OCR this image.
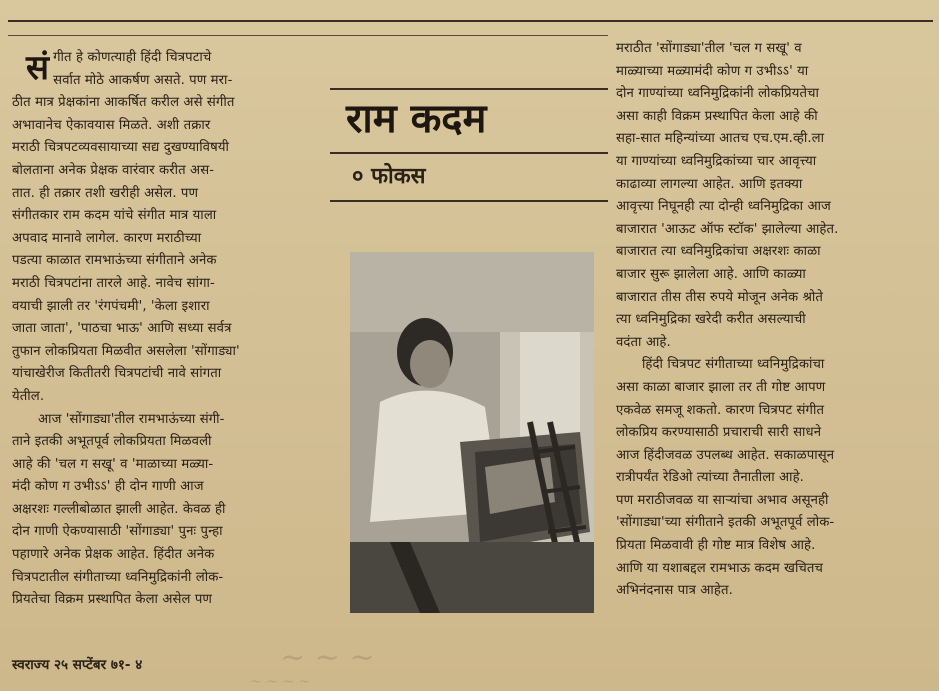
सं गीत हे कोणत्याही हिंदी चित्रपटाचे

सर्वात मोठे आकर्षण असते. पण मरा-

ठीत मात्र प्रेक्षकांना आकर्षित करील असे संगीत

अभावानेच ऐकावयास मिळते. अशी तक्रार

मराठी चित्रपटव्यवसायाच्या सद्य दुखण्याविषयी

बोलताना अनेक प्रेक्षक वारंवार करीत अस-

तात. ही तक्रार तशी खरीही असेल. पण

संगीतकार राम कदम यांचे संगीत मात्र याला

अपवाद मानावे लागेल. कारण मराठीच्या

पडत्या काळात रामभाऊंच्या संगीताने अनेक

मराठी चित्रपटांना तारले आहे. नावेच सांगा-

वयाची झाली तर 'रंगपंचमी', 'केला इशारा

जाता जाता', 'पाठचा भाऊ' आणि सध्या सर्वत्र

तुफान लोकप्रियता मिळवीत असलेला 'सोंगाड्या'

यांचाखेरीज कितीतरी चित्रपटांची नावे सांगता

येतील.

आज 'सोंगाड्या'तील रामभाऊंच्या संगी-

ताने इतकी अभूतपूर्व लोकप्रियता मिळवली

आहे की 'चल ग सखू' व 'माळाच्या मळ्या-

मंदी कोण ग उभीऽऽ' ही दोन गाणी आज

अक्षरशः गल्लीबोळात झाली आहेत. केवळ ही

दोन गाणी ऐकण्यासाठी 'सोंगाड्या' पुनः पुन्हा

पहाणारे अनेक प्रेक्षक आहेत. हिंदीत अनेक

चित्रपटातील संगीताच्या ध्वनिमुद्रिकांनी लोक-

प्रियतेचा विक्रम प्रस्थापित केला असेल पण

राम कदम
० फोकस

मराठीत 'सोंगाड्या'तील 'चल ग सखू' व

माळ्याच्या मळ्यामंदी कोण ग उभीऽऽ' या

दोन गाण्यांच्या ध्वनिमुद्रिकांनी लोकप्रियतेचा

असा काही विक्रम प्रस्थापित केला आहे की

सहा-सात महिन्यांच्या आतच एच.एम.व्ही.ला

या गाण्यांच्या ध्वनिमुद्रिकांच्या चार आवृत्त्या

काढाव्या लागल्या आहेत. आणि इतक्या

आवृत्त्या निघूनही त्या दोन्ही ध्वनिमुद्रिका आज

बाजारात 'आऊट ऑफ स्टॉक' झालेल्या आहेत.

बाजारात त्या ध्वनिमुद्रिकांचा अक्षरशः काळा

बाजार सुरू झालेला आहे. आणि काळ्या

बाजारात तीस तीस रुपये मोजून अनेक श्रोते

त्या ध्वनिमुद्रिका खरेदी करीत असल्याची

वदंता आहे.

हिंदी चित्रपट संगीताच्या ध्वनिमुद्रिकांचा

असा काळा बाजार झाला तर ती गोष्ट आपण

एकवेळ समजू शकतो. कारण चित्रपट संगीत

लोकप्रिय करण्यासाठी प्रचाराची सारी साधने

आज हिंदीजवळ उपलब्ध आहेत. सकाळपासून

रात्रीपर्यंत रेडिओ त्यांच्या तैनातीला आहे.

पण मराठीजवळ या साऱ्यांचा अभाव असूनही

'सोंगाड्या'च्या संगीताने इतकी अभूतपूर्व लोक-

प्रियता मिळवावी ही गोष्ट मात्र विशेष आहे.

आणि या यशाबद्दल रामभाऊ कदम खचितच

अभिनंदनास पात्र आहेत.

स्वराज्य २५ सप्टेंबर ७१- ४	~ ~ ~
~ ~ ~ ~
